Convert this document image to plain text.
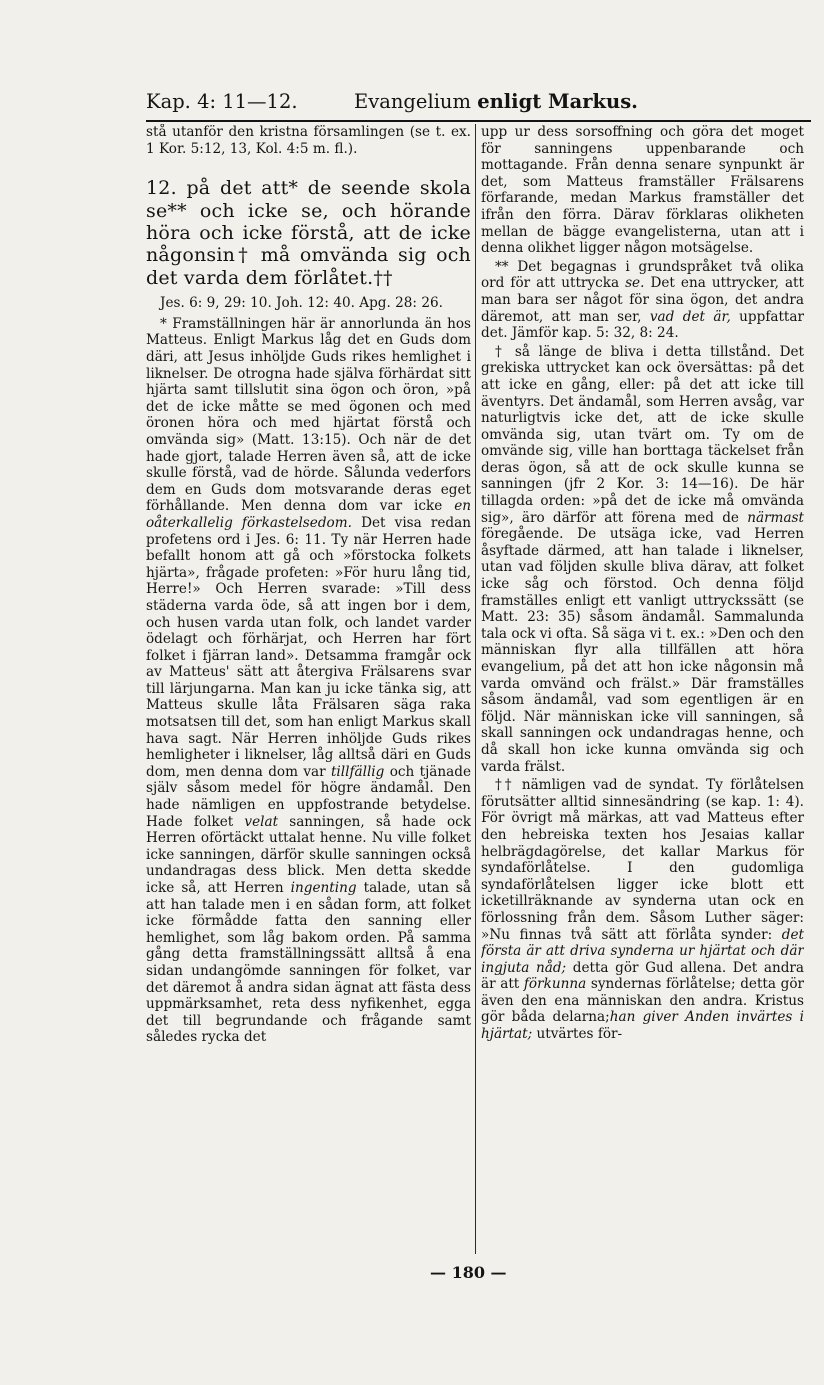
Kap. 4: 11—12.	Evangelium enligt Markus.

stå utanför den kristna församlingen (se t. ex. 1 Kor. 5:12, 13, Kol. 4:5 m. fl.).

12. på det att* de seende skola se** och icke se, och hörande höra och icke förstå, att de icke någonsin† må omvända sig och det varda dem förlåtet.††

Jes. 6: 9, 29: 10. Joh. 12: 40. Apg. 28: 26.

* Framställningen här är annorlunda än hos Matteus. Enligt Markus låg det en Guds dom däri, att Jesus inhöljde Guds rikes hemlighet i liknelser. De otrogna hade själva förhärdat sitt hjärta samt tillslutit sina ögon och öron, »på det de icke måtte se med ögonen och med öronen höra och med hjärtat förstå och omvända sig» (Matt. 13:15). Och när de det hade gjort, talade Herren även så, att de icke skulle förstå, vad de hörde. Sålunda vederfors dem en Guds dom motsvarande deras eget förhållande. Men denna dom var icke en oåterkallelig förkastelsedom. Det visa redan profetens ord i Jes. 6: 11. Ty när Herren hade befallt honom att gå och »förstocka folkets hjärta», frågade profeten: »För huru lång tid, Herre!» Och Herren svarade: »Till dess städerna varda öde, så att ingen bor i dem, och husen varda utan folk, och landet varder ödelagt och förhärjat, och Herren har fört folket i fjärran land». Detsamma framgår ock av Matteus' sätt att återgiva Frälsarens svar till lärjungarna. Man kan ju icke tänka sig, att Matteus skulle låta Frälsaren säga raka motsatsen till det, som han enligt Markus skall hava sagt. När Herren inhöljde Guds rikes hemligheter i liknelser, låg alltså däri en Guds dom, men denna dom var tillfällig och tjänade själv såsom medel för högre ändamål. Den hade nämligen en uppfostrande betydelse. Hade folket velat sanningen, så hade ock Herren oförtäckt uttalat henne. Nu ville folket icke sanningen, därför skulle sanningen också undandragas dess blick. Men detta skedde icke så, att Herren ingenting talade, utan så att han talade men i en sådan form, att folket icke förmådde fatta den sanning eller hemlighet, som låg bakom orden. På samma gång detta framställningssätt alltså å ena sidan undangömde sanningen för folket, var det däremot å andra sidan ägnat att fästa dess uppmärksamhet, reta dess nyfikenhet, egga det till begrundande och frågande samt således rycka det

upp ur dess sorsoffning och göra det moget för sanningens uppenbarande och mottagande. Från denna senare synpunkt är det, som Matteus framställer Frälsarens förfarande, medan Markus framställer det ifrån den förra. Därav förklaras olikheten mellan de bägge evangelisterna, utan att i denna olikhet ligger någon motsägelse.

** Det begagnas i grundspråket två olika ord för att uttrycka se. Det ena uttrycker, att man bara ser något för sina ögon, det andra däremot, att man ser, vad det är, uppfattar det. Jämför kap. 5: 32, 8: 24.

† så länge de bliva i detta tillstånd. Det grekiska uttrycket kan ock översättas: på det att icke en gång, eller: på det att icke till äventyrs. Det ändamål, som Herren avsåg, var naturligtvis icke det, att de icke skulle omvända sig, utan tvärt om. Ty om de omvände sig, ville han borttaga täckelset från deras ögon, så att de ock skulle kunna se sanningen (jfr 2 Kor. 3: 14—16). De här tillagda orden: »på det de icke må omvända sig», äro därför att förena med de närmast föregående. De utsäga icke, vad Herren åsyftade därmed, att han talade i liknelser, utan vad följden skulle bliva därav, att folket icke såg och förstod. Och denna följd framställes enligt ett vanligt uttryckssätt (se Matt. 23: 35) såsom ändamål. Sammalunda tala ock vi ofta. Så säga vi t. ex.: »Den och den människan flyr alla tillfällen att höra evangelium, på det att hon icke någonsin må varda omvänd och frälst.» Där framställes såsom ändamål, vad som egentligen är en följd. När människan icke vill sanningen, så skall sanningen ock undandragas henne, och då skall hon icke kunna omvända sig och varda frälst.

†† nämligen vad de syndat. Ty förlåtelsen förutsätter alltid sinnesändring (se kap. 1: 4). För övrigt må märkas, att vad Matteus efter den hebreiska texten hos Jesaias kallar helbrägdagörelse, det kallar Markus för syndaförlåtelse. I den gudomliga syndaförlåtelsen ligger icke blott ett icketillräknande av synderna utan ock en förlossning från dem. Såsom Luther säger: »Nu finnas två sätt att förlåta synder: det första är att driva synderna ur hjärtat och där ingjuta nåd; detta gör Gud allena. Det andra är att förkunna syndernas förlåtelse; detta gör även den ena människan den andra. Kristus gör båda delarna;han giver Anden invärtes i hjärtat; utvärtes för-

— 180 —
